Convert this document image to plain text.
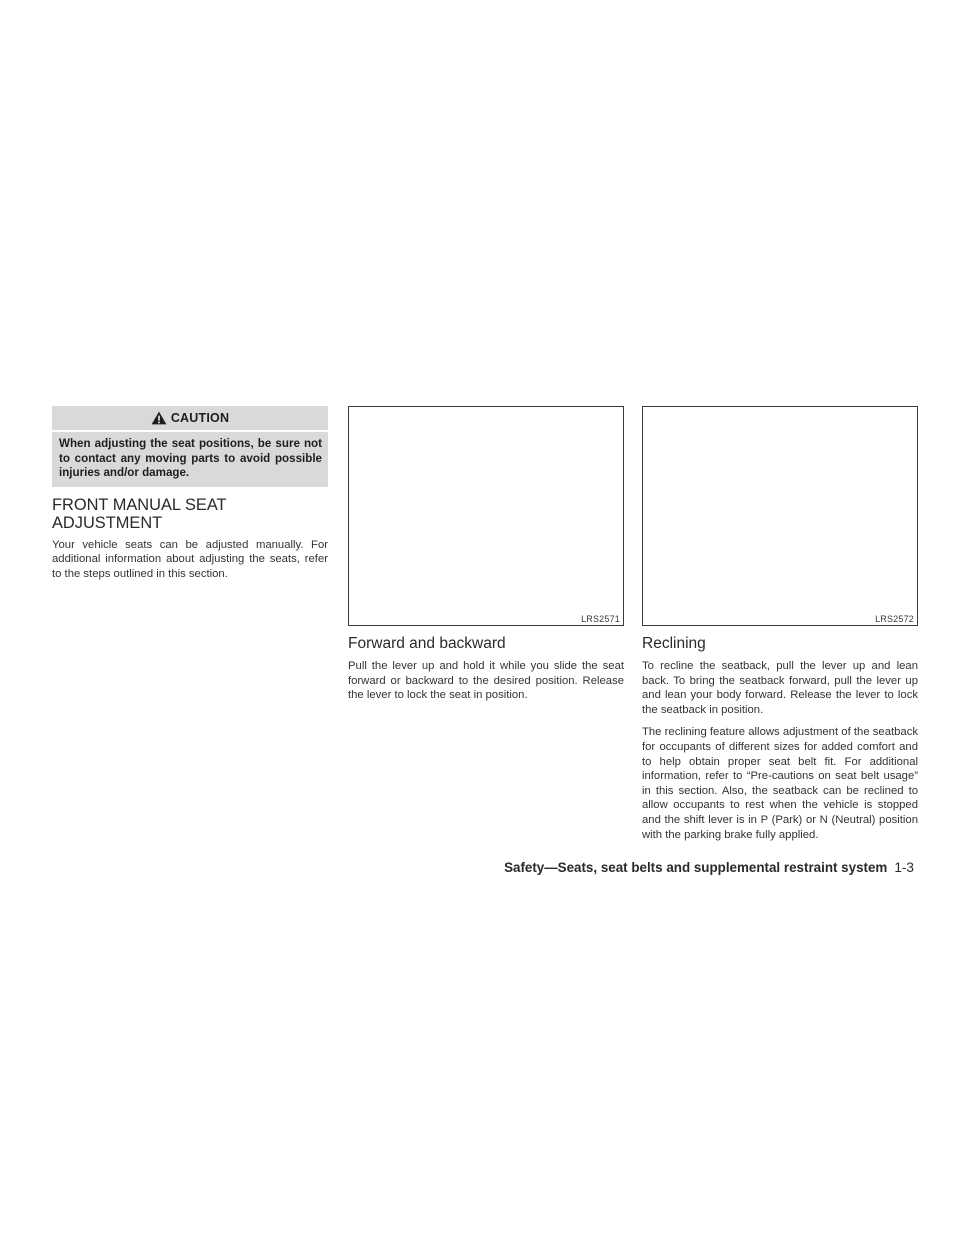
CAUTION
When adjusting the seat positions, be sure not to contact any moving parts to avoid possible injuries and/or damage.
FRONT MANUAL SEAT
ADJUSTMENT

Your vehicle seats can be adjusted manually. For additional information about adjusting the seats, refer to the steps outlined in this section.

LRS2571
Forward and backward

Pull the lever up and hold it while you slide the seat forward or backward to the desired position. Release the lever to lock the seat in position.

LRS2572
Reclining

To recline the seatback, pull the lever up and lean back. To bring the seatback forward, pull the lever up and lean your body forward. Release the lever to lock the seatback in position.

The reclining feature allows adjustment of the seatback for occupants of different sizes for added comfort and to help obtain proper seat belt fit. For additional information, refer to “Pre-cautions on seat belt usage” in this section. Also, the seatback can be reclined to allow occupants to rest when the vehicle is stopped and the shift lever is in P (Park) or N (Neutral) position with the parking brake fully applied.

Safety—Seats, seat belts and supplemental restraint system 1-3
